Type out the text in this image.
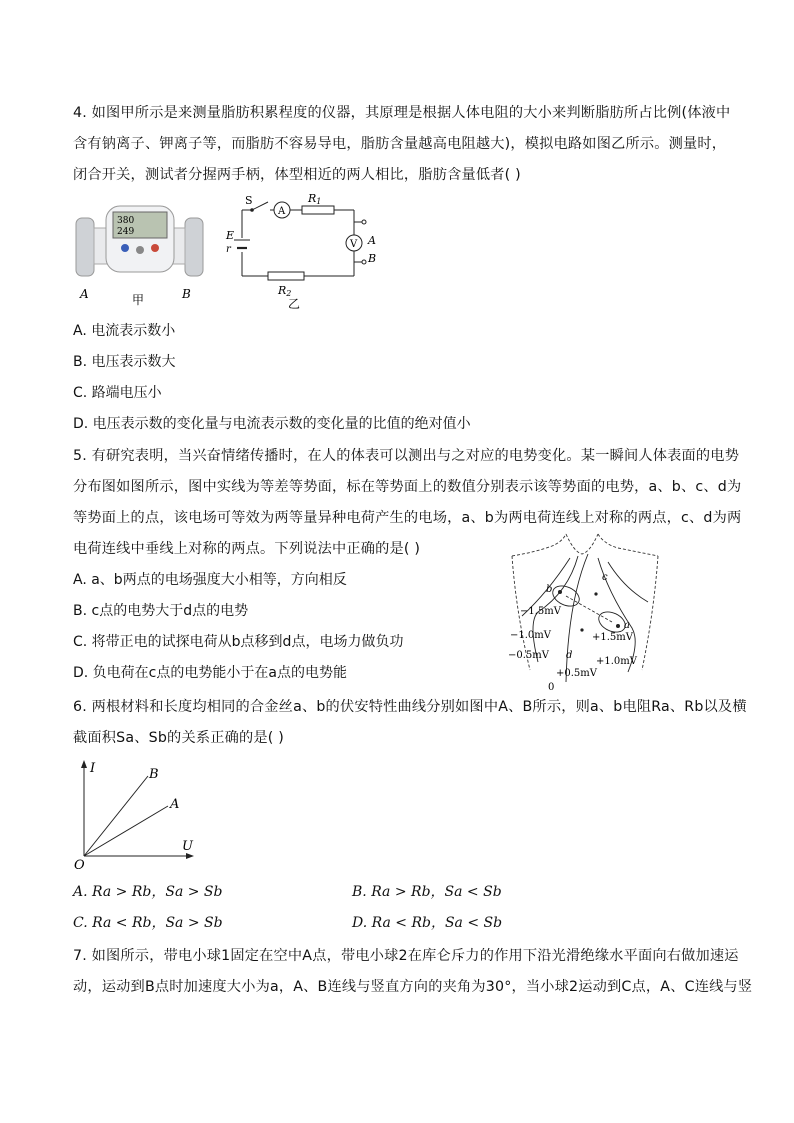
4. 如图甲所示是来测量脂肪积累程度的仪器，其原理是根据人体电阻的大小来判断脂肪所占比例(体液中
含有钠离子、钾离子等，而脂肪不容易导电，脂肪含量越高电阻越大)，模拟电路如图乙所示。测量时，
闭合开关，测试者分握两手柄，体型相近的两人相比，脂肪含量低者( )
380
249
A	B
甲
A
V A
B
S	R1
E
r
R2
乙
A. 电流表示数小
B. 电压表示数大
C. 路端电压小
D. 电压表示数的变化量与电流表示数的变化量的比值的绝对值小
5. 有研究表明，当兴奋情绪传播时，在人的体表可以测出与之对应的电势变化。某一瞬间人体表面的电势
分布图如图所示，图中实线为等差等势面，标在等势面上的数值分别表示该等势面的电势，a、b、c、d为
等势面上的点，该电场可等效为两等量异种电荷产生的电场，a、b为两电荷连线上对称的两点，c、d为两
电荷连线中垂线上对称的两点。下列说法中正确的是( )
A. a、b两点的电场强度大小相等，方向相反
B. c点的电势大于d点的电势
C. 将带正电的试探电荷从b点移到d点，电场力做负功
D. 负电荷在c点的电势能小于在a点的电势能
b
c
a
d
0
−1.5mV
−1.0mV
−0.5mV
+0.5mV
+1.5mV
+1.0mV
6. 两根材料和长度均相同的合金丝a、b的伏安特性曲线分别如图中A、B所示，则a、b电阻Ra、Rb以及横
截面积Sa、Sb的关系正确的是( )
I
U
O
B
A
A. Ra > Rb，Sa > Sb	B. Ra > Rb，Sa < Sb
C. Ra < Rb，Sa > Sb	D. Ra < Rb，Sa < Sb
7. 如图所示，带电小球1固定在空中A点，带电小球2在库仑斥力的作用下沿光滑绝缘水平面向右做加速运
动，运动到B点时加速度大小为a，A、B连线与竖直方向的夹角为30°，当小球2运动到C点，A、C连线与竖
